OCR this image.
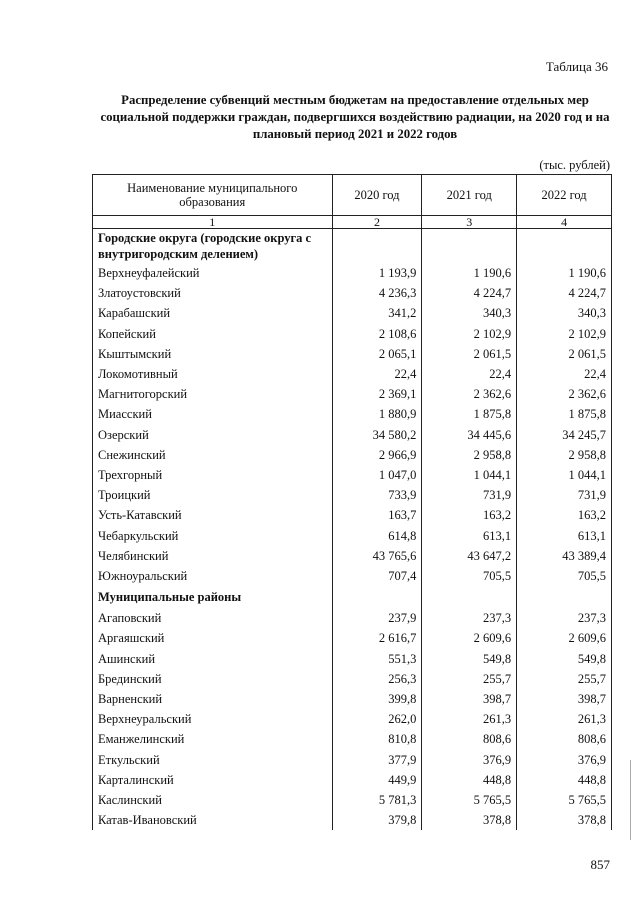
Таблица 36
Распределение субвенций местным бюджетам на предоставление отдельных мер социальной поддержки граждан, подвергшихся воздействию радиации, на 2020 год и на плановый период 2021 и 2022 годов
(тыс. рублей)
Наименование муниципального образования	2020 год	2021 год	2022 год
1	2	3	4
Городские округа (городские округа с внутригородским делением)			
Верхнеуфалейский	1 193,9	1 190,6	1 190,6
Златоустовский	4 236,3	4 224,7	4 224,7
Карабашский	341,2	340,3	340,3
Копейский	2 108,6	2 102,9	2 102,9
Кыштымский	2 065,1	2 061,5	2 061,5
Локомотивный	22,4	22,4	22,4
Магнитогорский	2 369,1	2 362,6	2 362,6
Миасский	1 880,9	1 875,8	1 875,8
Озерский	34 580,2	34 445,6	34 245,7
Снежинский	2 966,9	2 958,8	2 958,8
Трехгорный	1 047,0	1 044,1	1 044,1
Троицкий	733,9	731,9	731,9
Усть-Катавский	163,7	163,2	163,2
Чебаркульский	614,8	613,1	613,1
Челябинский	43 765,6	43 647,2	43 389,4
Южноуральский	707,4	705,5	705,5
Муниципальные районы			
Агаповский	237,9	237,3	237,3
Аргаяшский	2 616,7	2 609,6	2 609,6
Ашинский	551,3	549,8	549,8
Брединский	256,3	255,7	255,7
Варненский	399,8	398,7	398,7
Верхнеуральский	262,0	261,3	261,3
Еманжелинский	810,8	808,6	808,6
Еткульский	377,9	376,9	376,9
Карталинский	449,9	448,8	448,8
Каслинский	5 781,3	5 765,5	5 765,5
Катав-Ивановский	379,8	378,8	378,8
857
